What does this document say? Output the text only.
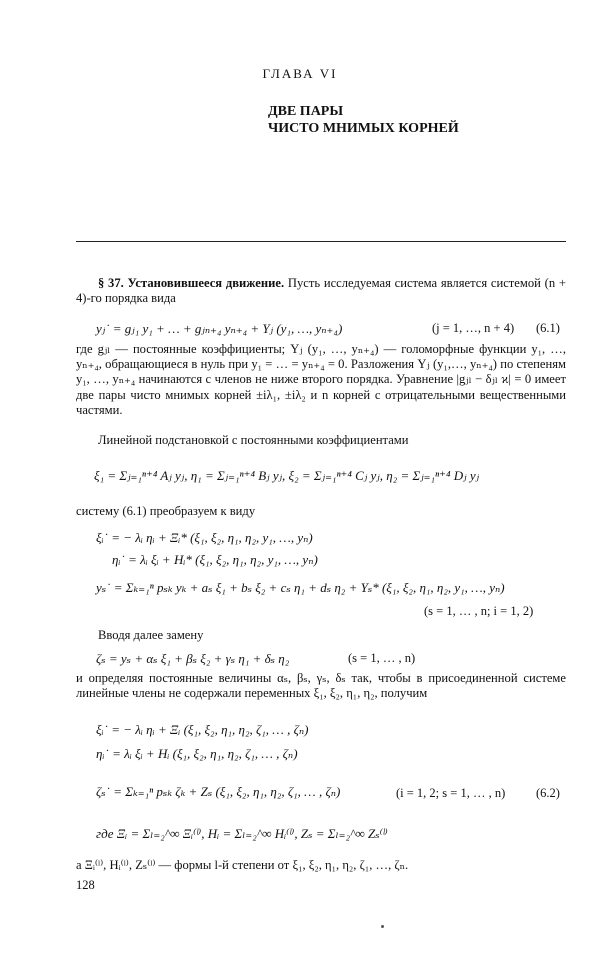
ГЛАВА VI
ДВЕ ПАРЫ
ЧИСТО МНИМЫХ КОРНЕЙ
§ 37. Установившееся движение. Пусть исследуемая система является системой (n + 4)-го порядка вида
yⱼ˙ = gⱼ₁ y₁ + … + gⱼₙ₊₄ yₙ₊₄ + Yⱼ (y₁, …, yₙ₊₄)	(j = 1, …, n + 4) (6.1)
где gⱼₗ — постоянные коэффициенты; Yⱼ (y₁, …, yₙ₊₄) — голоморфные функции y₁, …, yₙ₊₄, обращающиеся в нуль при y₁ = … = yₙ₊₄ = 0. Разложения Yⱼ (y₁,…, yₙ₊₄) по степеням y₁, …, yₙ₊₄ начинаются с членов не ниже второго порядка. Уравнение |gⱼₗ − δⱼₗ ϰ| = 0 имеет две пары чисто мнимых корней ±iλ₁, ±iλ₂ и n корней с отрицательными вещественными частями.
Линейной подстановкой с постоянными коэффициентами
ξ₁ = Σⱼ₌₁ⁿ⁺⁴ Aⱼ yⱼ, η₁ = Σⱼ₌₁ⁿ⁺⁴ Bⱼ yⱼ, ξ₂ = Σⱼ₌₁ⁿ⁺⁴ Cⱼ yⱼ, η₂ = Σⱼ₌₁ⁿ⁺⁴ Dⱼ yⱼ
систему (6.1) преобразуем к виду
ξᵢ˙ = − λᵢ ηᵢ + Ξᵢ* (ξ₁, ξ₂, η₁, η₂, y₁, …, yₙ)
ηᵢ˙ = λᵢ ξᵢ + Hᵢ* (ξ₁, ξ₂, η₁, η₂, y₁, …, yₙ)
yₛ˙ = Σₖ₌₁ⁿ pₛₖ yₖ + aₛ ξ₁ + bₛ ξ₂ + cₛ η₁ + dₛ η₂ + Yₛ* (ξ₁, ξ₂, η₁, η₂, y₁, …, yₙ)
(s = 1, … , n; i = 1, 2)
Вводя далее замену
ζₛ = yₛ + αₛ ξ₁ + βₛ ξ₂ + γₛ η₁ + δₛ η₂	(s = 1, … , n)
и определяя постоянные величины αₛ, βₛ, γₛ, δₛ так, чтобы в присоединенной системе линейные члены не содержали переменных ξ₁, ξ₂, η₁, η₂, получим
ξᵢ˙ = − λᵢ ηᵢ + Ξᵢ (ξ₁, ξ₂, η₁, η₂, ζ₁, … , ζₙ)
ηᵢ˙ = λᵢ ξᵢ + Hᵢ (ξ₁, ξ₂, η₁, η₂, ζ₁, … , ζₙ)
ζₛ˙ = Σₖ₌₁ⁿ pₛₖ ζₖ + Zₛ (ξ₁, ξ₂, η₁, η₂, ζ₁, … , ζₙ)	(i = 1, 2; s = 1, … , n) (6.2)
где Ξᵢ = Σₗ₌₂^∞ Ξᵢ⁽ˡ⁾, Hᵢ = Σₗ₌₂^∞ Hᵢ⁽ˡ⁾, Zₛ = Σₗ₌₂^∞ Zₛ⁽ˡ⁾
а Ξᵢ⁽ˡ⁾, Hᵢ⁽ˡ⁾, Zₛ⁽ˡ⁾ — формы l-й степени от ξ₁, ξ₂, η₁, η₂, ζ₁, …, ζₙ.
128
